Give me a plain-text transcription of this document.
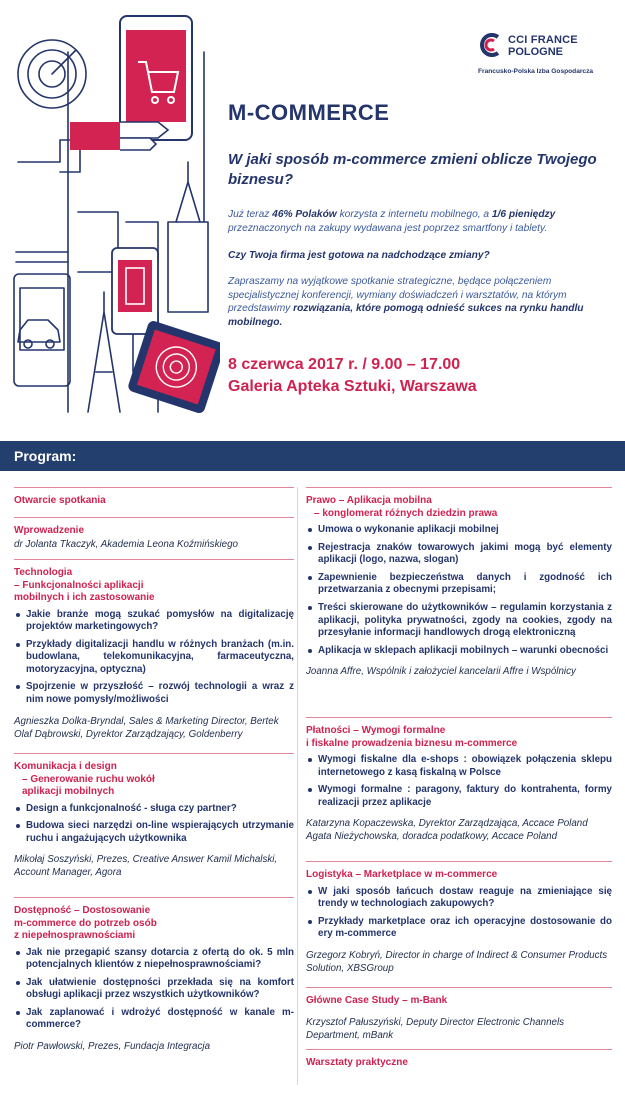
CCI FRANCE
POLOGNE
Francusko-Polska Izba Gospodarcza
M-COMMERCE
W jaki sposób m-commerce zmieni oblicze Twojego biznesu?
Już teraz 46% Polaków korzysta z internetu mobilnego, a 1/6 pieniędzy przeznaczonych na zakupy wydawana jest poprzez smartfony i tablety.
Czy Twoja firma jest gotowa na nadchodzące zmiany?
Zapraszamy na wyjątkowe spotkanie strategiczne, będące połączeniem specjalistycznej konferencji, wymiany doświadczeń i warsztatów, na którym przedstawimy rozwiązania, które pomogą odnieść sukces na rynku handlu mobilnego.
8 czerwca 2017 r. / 9.00 – 17.00
Galeria Apteka Sztuki, Warszawa
Program:
Otwarcie spotkania
Wprowadzenie
dr Jolanta Tkaczyk, Akademia Leona Koźmińskiego
Technologia
– Funkcjonalności aplikacji
mobilnych i ich zastosowanie
Jakie branże mogą szukać pomysłów na digitalizację projektów marketingowych?
Przykłady digitalizacji handlu w różnych branżach (m.in. budowlana, telekomunikacyjna, farmaceutyczna, motoryzacyjna, optyczna)
Spojrzenie w przyszłość – rozwój technologii a wraz z nim nowe pomysły/możliwości
Agnieszka Dolka-Bryndal, Sales & Marketing Director, Bertek Olaf Dąbrowski, Dyrektor Zarządzający, Goldenberry
Komunikacja i design
– Generowanie ruchu wokół
aplikacji mobilnych
Design a funkcjonalność - sługa czy partner?
Budowa sieci narzędzi on-line wspierających utrzymanie ruchu i angażujących użytkownika
Mikołaj Soszyński, Prezes, Creative Answer Kamil Michalski, Account Manager, Agora
Dostępność – Dostosowanie
m-commerce do potrzeb osób
z niepełnosprawnościami
Jak nie przegapić szansy dotarcia z ofertą do ok. 5 mln potencjalnych klientów z niepełnosprawnościami?
Jak ułatwienie dostępności przekłada się na komfort obsługi aplikacji przez wszystkich użytkowników?
Jak zaplanować i wdrożyć dostępność w kanale m-commerce?
Piotr Pawłowski, Prezes, Fundacja Integracja
Prawo – Aplikacja mobilna
– konglomerat różnych dziedzin prawa
Umowa o wykonanie aplikacji mobilnej
Rejestracja znaków towarowych jakimi mogą być elementy aplikacji (logo, nazwa, slogan)
Zapewnienie bezpieczeństwa danych i zgodność ich przetwarzania z obecnymi przepisami;
Treści skierowane do użytkowników – regulamin korzystania z aplikacji, polityka prywatności, zgody na cookies, zgody na przesyłanie informacji handlowych drogą elektroniczną
Aplikacja w sklepach aplikacji mobilnych – warunki obecności
Joanna Affre, Wspólnik i założyciel kancelarii Affre i Wspólnicy
Płatności – Wymogi formalne
i fiskalne prowadzenia biznesu m-commerce
Wymogi fiskalne dla e-shops : obowiązek połączenia sklepu internetowego z kasą fiskalną w Polsce
Wymogi formalne : paragony, faktury do kontrahenta, formy realizacji przez aplikacje
Katarzyna Kopaczewska, Dyrektor Zarządzająca, Accace Poland Agata Nieżychowska, doradca podatkowy, Accace Poland
Logistyka – Marketplace w m-commerce
W jaki sposób łańcuch dostaw reaguje na zmieniające się trendy w technologiach zakupowych?
Przykłady marketplace oraz ich operacyjne dostosowanie do ery m-commerce
Grzegorz Kobryń, Director in charge of Indirect & Consumer Products Solution, XBSGroup
Główne Case Study – m-Bank
Krzysztof Pałuszyński, Deputy Director Electronic Channels Department, mBank
Warsztaty praktyczne
